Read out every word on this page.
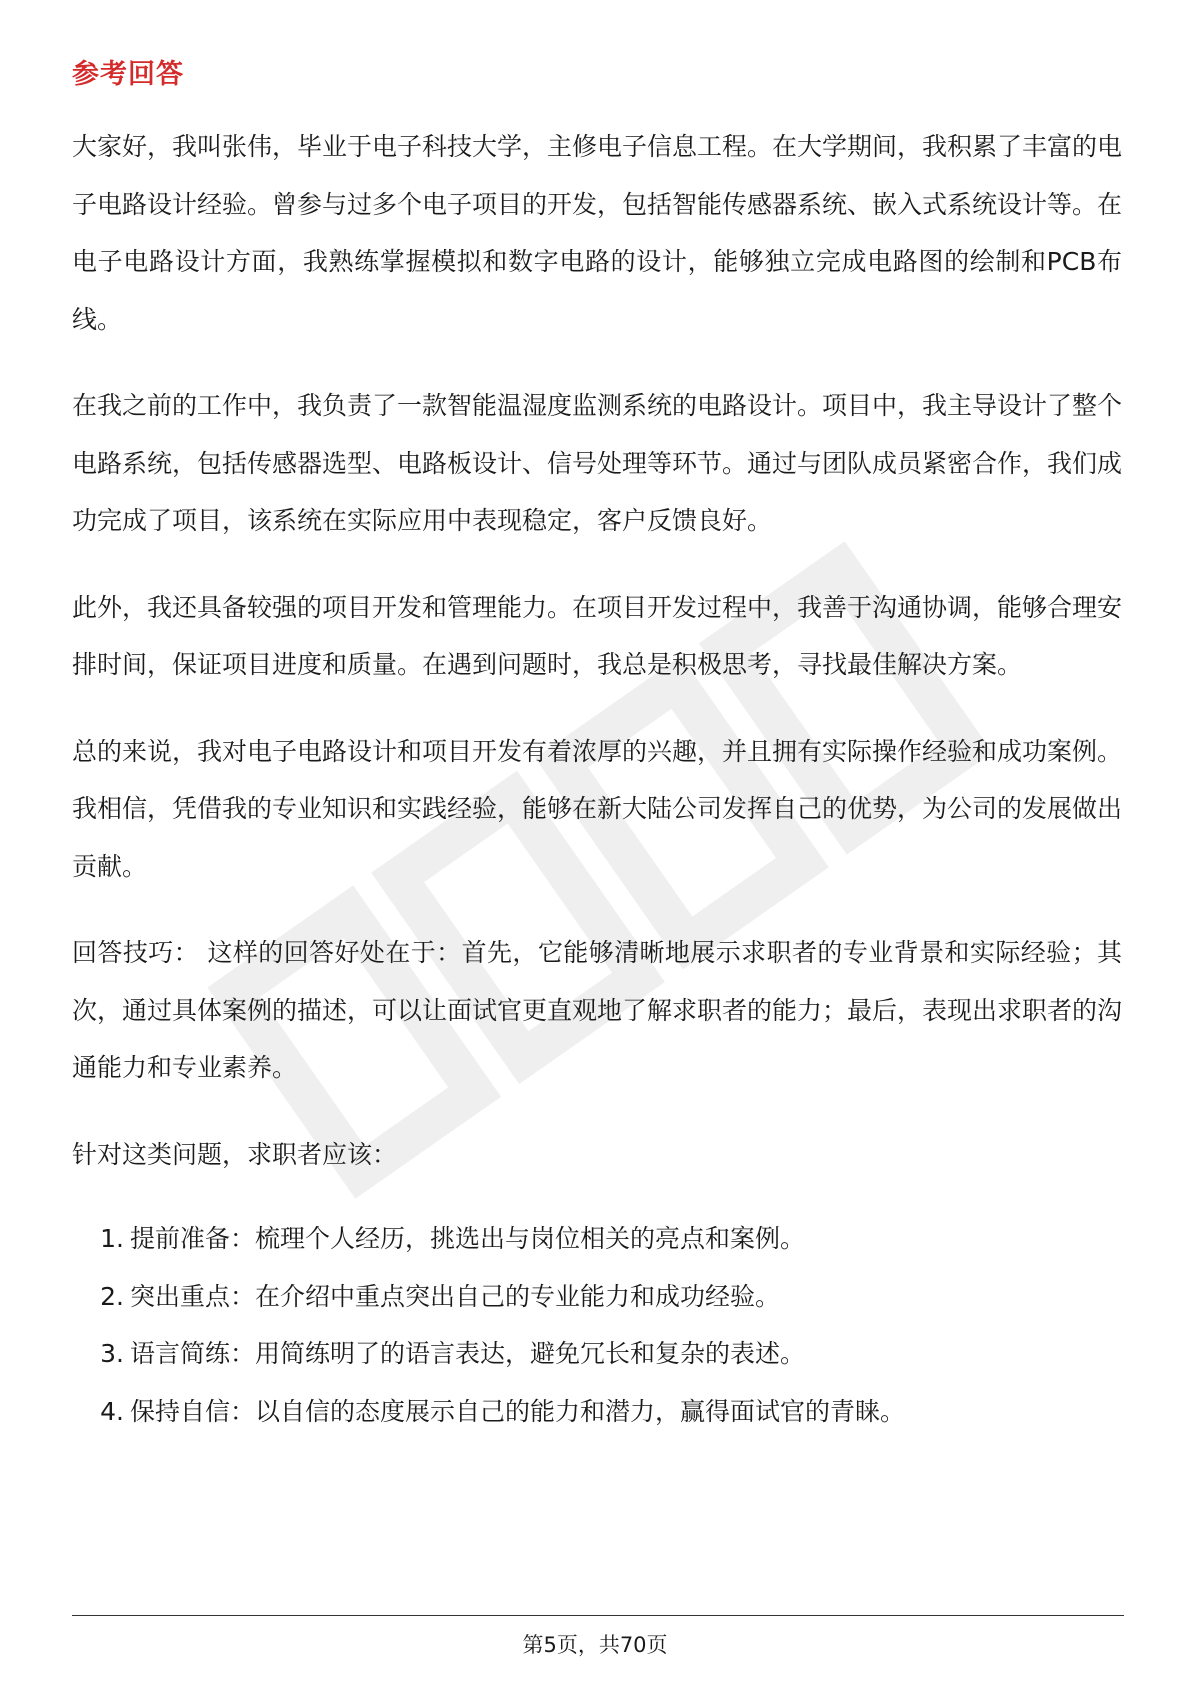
参考回答

大家好，我叫张伟，毕业于电子科技大学，主修电子信息工程。在大学期间，我积累了丰富的电子电路设计经验。曾参与过多个电子项目的开发，包括智能传感器系统、嵌入式系统设计等。在电子电路设计方面，我熟练掌握模拟和数字电路的设计，能够独立完成电路图的绘制和PCB布线。

在我之前的工作中，我负责了一款智能温湿度监测系统的电路设计。项目中，我主导设计了整个电路系统，包括传感器选型、电路板设计、信号处理等环节。通过与团队成员紧密合作，我们成功完成了项目，该系统在实际应用中表现稳定，客户反馈良好。

此外，我还具备较强的项目开发和管理能力。在项目开发过程中，我善于沟通协调，能够合理安排时间，保证项目进度和质量。在遇到问题时，我总是积极思考，寻找最佳解决方案。

总的来说，我对电子电路设计和项目开发有着浓厚的兴趣，并且拥有实际操作经验和成功案例。我相信，凭借我的专业知识和实践经验，能够在新大陆公司发挥自己的优势，为公司的发展做出贡献。

回答技巧： 这样的回答好处在于：首先，它能够清晰地展示求职者的专业背景和实际经验；其次，通过具体案例的描述，可以让面试官更直观地了解求职者的能力；最后，表现出求职者的沟通能力和专业素养。

针对这类问题，求职者应该：

1. 提前准备：梳理个人经历，挑选出与岗位相关的亮点和案例。
2. 突出重点：在介绍中重点突出自己的专业能力和成功经验。
3. 语言简练：用简练明了的语言表达，避免冗长和复杂的表述。
4. 保持自信：以自信的态度展示自己的能力和潜力，赢得面试官的青睐。
第5页，共70页
